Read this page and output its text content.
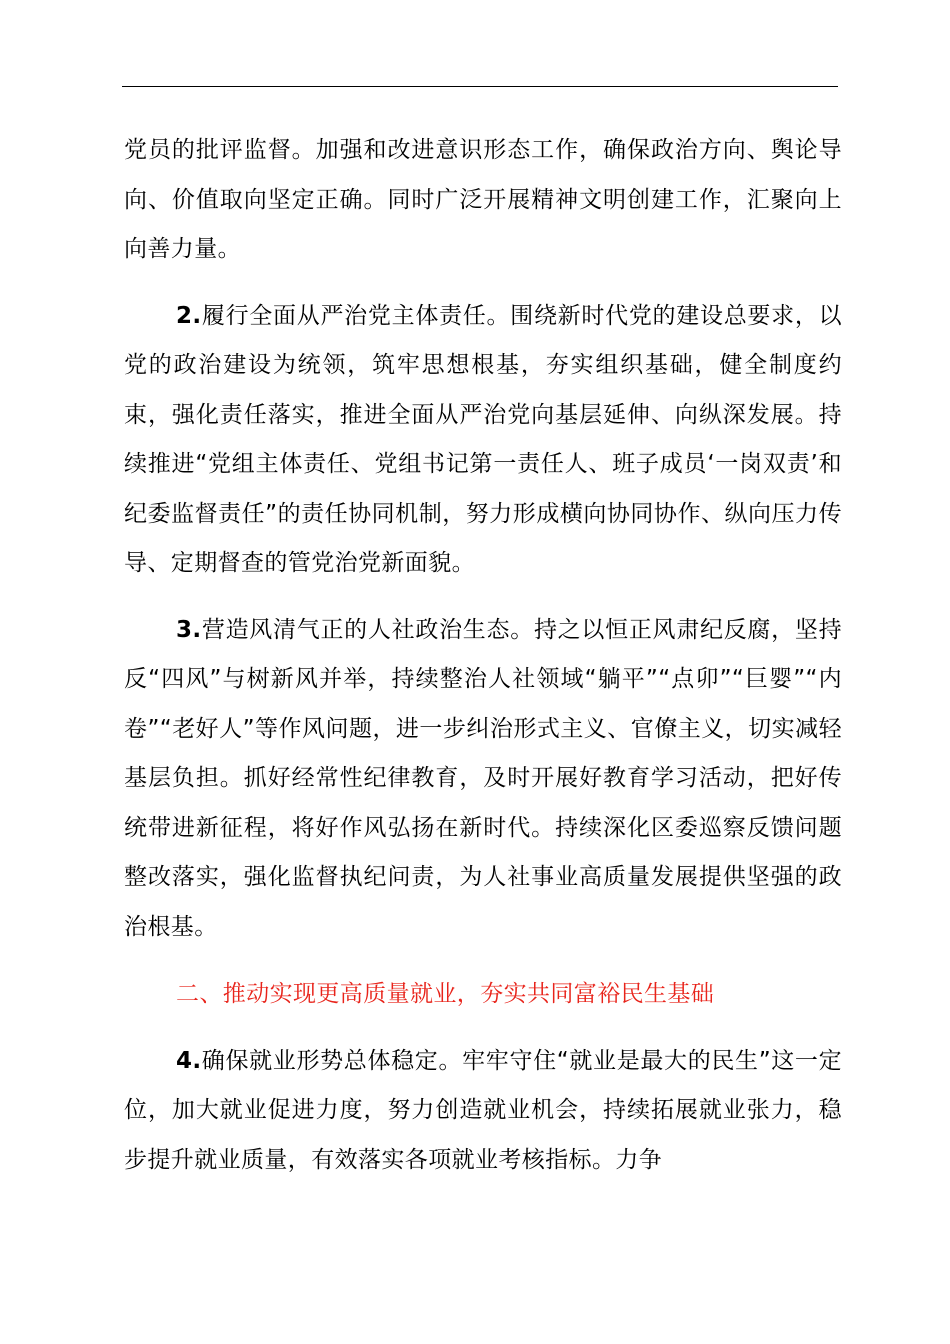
党员的批评监督。加强和改进意识形态工作，确保政治方向、舆论导向、价值取向坚定正确。同时广泛开展精神文明创建工作，汇聚向上向善力量。

2.履行全面从严治党主体责任。围绕新时代党的建设总要求，以党的政治建设为统领，筑牢思想根基，夯实组织基础，健全制度约束，强化责任落实，推进全面从严治党向基层延伸、向纵深发展。持续推进“党组主体责任、党组书记第一责任人、班子成员‘一岗双责’和纪委监督责任”的责任协同机制，努力形成横向协同协作、纵向压力传导、定期督查的管党治党新面貌。

3.营造风清气正的人社政治生态。持之以恒正风肃纪反腐，坚持反“四风”与树新风并举，持续整治人社领域“躺平”“点卯”“巨婴”“内卷”“老好人”等作风问题，进一步纠治形式主义、官僚主义，切实减轻基层负担。抓好经常性纪律教育，及时开展好教育学习活动，把好传统带进新征程，将好作风弘扬在新时代。持续深化区委巡察反馈问题整改落实，强化监督执纪问责，为人社事业高质量发展提供坚强的政治根基。

二、推动实现更高质量就业，夯实共同富裕民生基础

4.确保就业形势总体稳定。牢牢守住“就业是最大的民生”这一定位，加大就业促进力度，努力创造就业机会，持续拓展就业张力，稳步提升就业质量，有效落实各项就业考核指标。力争
